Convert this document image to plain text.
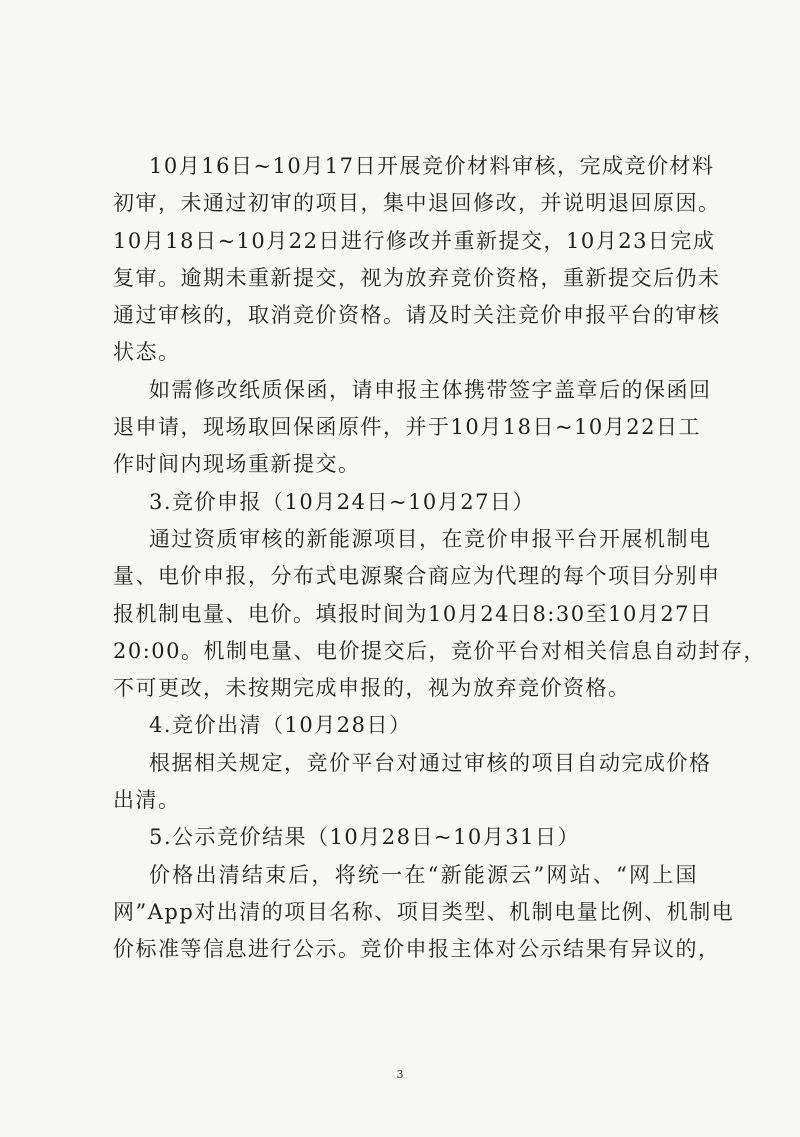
10月16日~10月17日开展竞价材料审核，完成竞价材料
初审，未通过初审的项目，集中退回修改，并说明退回原因。
10月18日~10月22日进行修改并重新提交，10月23日完成
复审。逾期未重新提交，视为放弃竞价资格，重新提交后仍未
通过审核的，取消竞价资格。请及时关注竞价申报平台的审核
状态。
如需修改纸质保函，请申报主体携带签字盖章后的保函回
退申请，现场取回保函原件，并于10月18日~10月22日工
作时间内现场重新提交。
3.竞价申报（10月24日~10月27日）
通过资质审核的新能源项目，在竞价申报平台开展机制电
量、电价申报，分布式电源聚合商应为代理的每个项目分别申
报机制电量、电价。填报时间为10月24日8:30至10月27日
20:00。机制电量、电价提交后，竞价平台对相关信息自动封存，
不可更改，未按期完成申报的，视为放弃竞价资格。
4.竞价出清（10月28日）
根据相关规定，竞价平台对通过审核的项目自动完成价格
出清。
5.公示竞价结果（10月28日~10月31日）
价格出清结束后，将统一在“新能源云”网站、“网上国
网”App对出清的项目名称、项目类型、机制电量比例、机制电
价标准等信息进行公示。竞价申报主体对公示结果有异议的，
3
